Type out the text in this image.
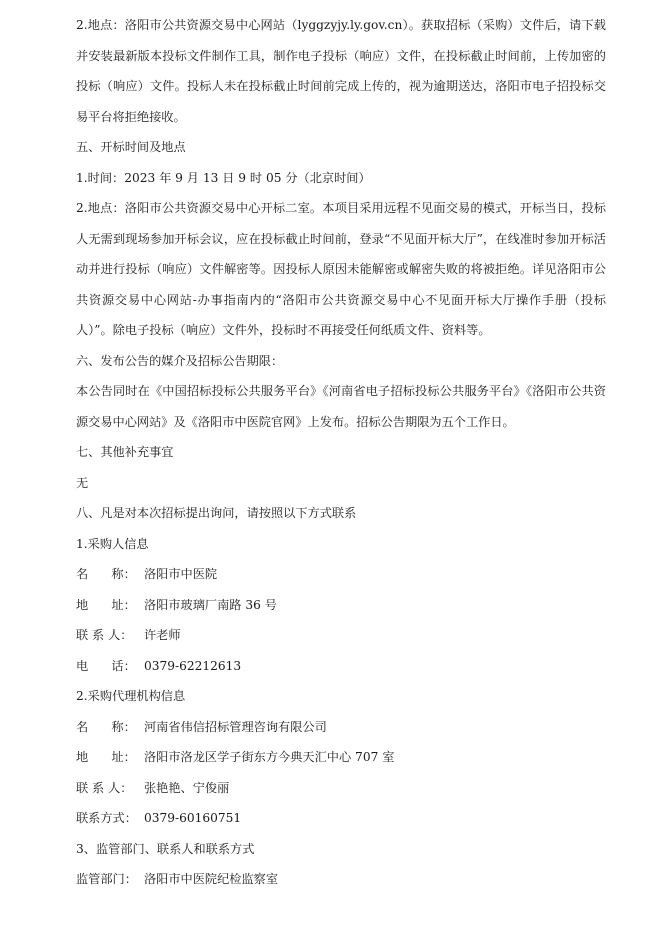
2.地点：洛阳市公共资源交易中心网站（lyggzyjy.ly.gov.cn）。获取招标（采购）文件后，请下载并安装最新版本投标文件制作工具，制作电子投标（响应）文件，在投标截止时间前，上传加密的投标（响应）文件。投标人未在投标截止时间前完成上传的，视为逾期送达，洛阳市电子招投标交易平台将拒绝接收。

五、开标时间及地点

1.时间：2023 年 9 月 13 日 9 时 05 分（北京时间）

2.地点：洛阳市公共资源交易中心开标二室。本项目采用远程不见面交易的模式，开标当日，投标人无需到现场参加开标会议，应在投标截止时间前，登录“不见面开标大厅”，在线准时参加开标活动并进行投标（响应）文件解密等。因投标人原因未能解密或解密失败的将被拒绝。详见洛阳市公共资源交易中心网站-办事指南内的“洛阳市公共资源交易中心不见面开标大厅操作手册（投标人）”。除电子投标（响应）文件外，投标时不再接受任何纸质文件、资料等。

六、发布公告的媒介及招标公告期限：

本公告同时在《中国招标投标公共服务平台》《河南省电子招标投标公共服务平台》《洛阳市公共资源交易中心网站》及《洛阳市中医院官网》上发布。招标公告期限为五个工作日。

七、其他补充事宜

无

八、凡是对本次招标提出询问，请按照以下方式联系

1.采购人信息

名      称： 洛阳市中医院

地      址： 洛阳市玻璃厂南路 36 号

联 系 人： 许老师

电      话： 0379-62212613

2.采购代理机构信息

名      称： 河南省伟信招标管理咨询有限公司

地      址： 洛阳市洛龙区学子街东方今典天汇中心 707 室

联 系 人： 张艳艳、宁俊丽

联系方式： 0379-60160751

3、监管部门、联系人和联系方式

监管部门： 洛阳市中医院纪检监察室
